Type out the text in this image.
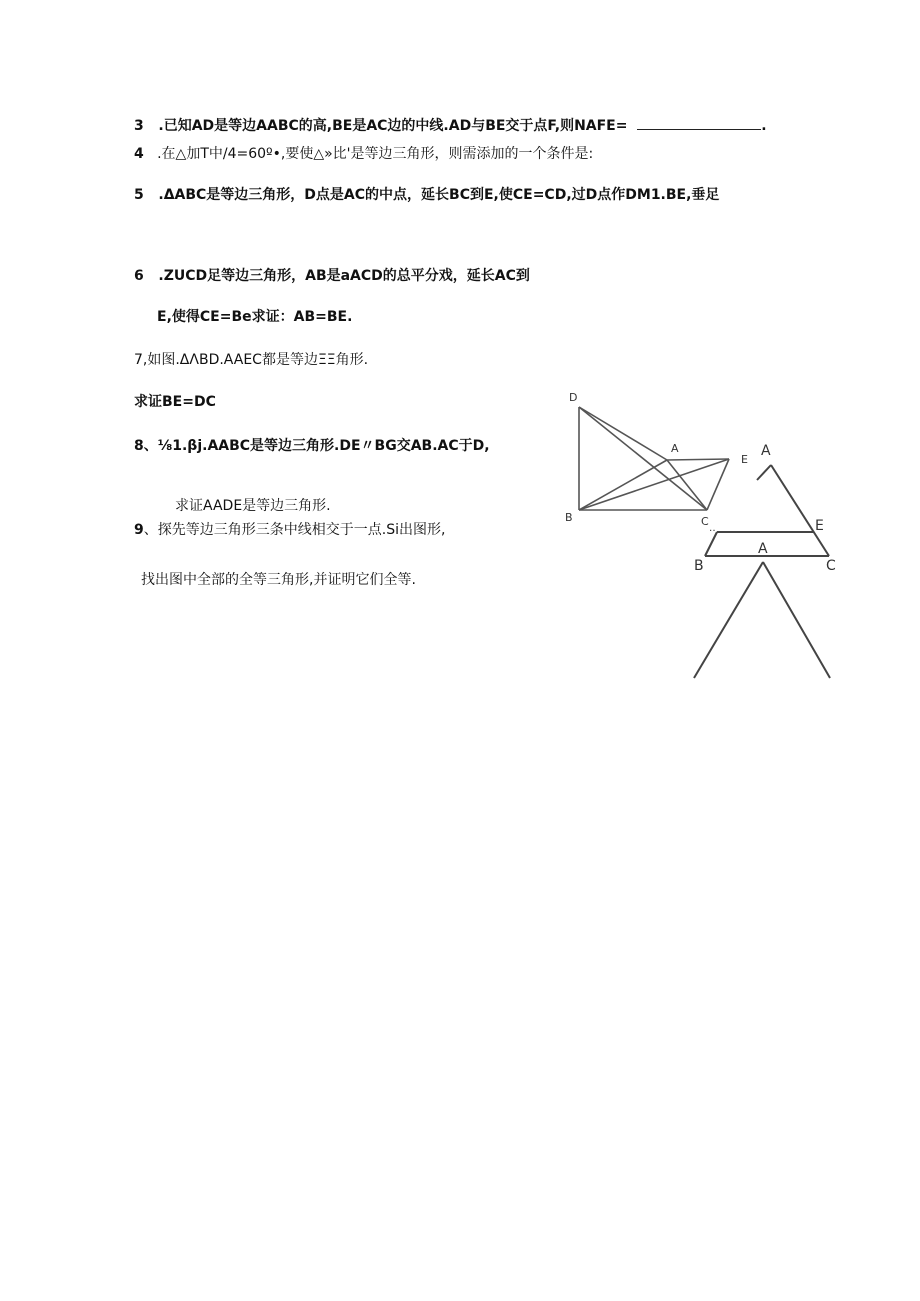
3 .已知AD是等边AABC的高,BE是AC边的中线.AD与BE交于点F,则NAFE=	.
4 .在△加T中/4=60º•,要使△»比'是等边三角形，则需添加的一个条件是:
5 .ΔABC是等边三角形，D点是AC的中点，延长BC到E,使CE=CD,过D点作DM1.BE,垂足
6 .ZUCD足等边三角形，AB是aACD的总平分戏，延长AC到
E,使得CE=Be求证：AB=BE.
7,如图.ΔΛBD.AAEC都是等边ΞΞ角形.
求证BE=DC
8、⅛1.βj.AABC是等边三角形.DE〃BG交AB.AC于D,
求证AADE是等边三角形.
9、探先等边三角形三条中线相交于一点.Si出图形,
找出图中全部的全等三角形,并证明它们全等.
D
A
E
B	C
‥
A
E
B	C
A
